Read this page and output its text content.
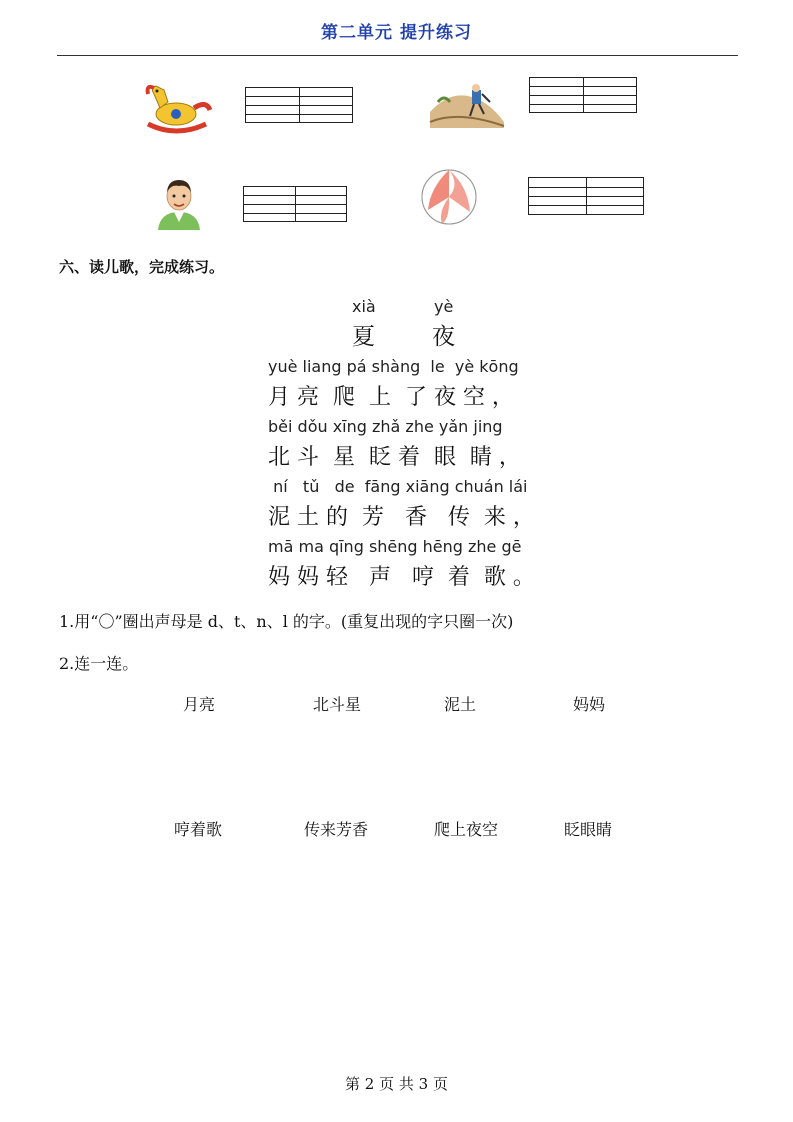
第二单元 提升练习
六、读儿歌，完成练习。
xià	yè
夏 夜
yuè liang pá shàng  le  yè kōng
月 亮  爬  上  了 夜 空 ，
běi dǒu xīng zhǎ zhe yǎn jing
北 斗  星  眨 着  眼  睛 ，
ní   tǔ   de  fāng xiāng chuán lái
泥 土 的  芳   香   传  来 ，
mā ma qīng shēng hēng zhe gē
妈 妈 轻   声   哼  着  歌 。
1.用“〇”圈出声母是 d、t、n、l 的字。(重复出现的字只圈一次)
2.连一连。
月亮	北斗星	泥土	妈妈
哼着歌	传来芳香	爬上夜空	眨眼睛
第 2 页 共 3 页
